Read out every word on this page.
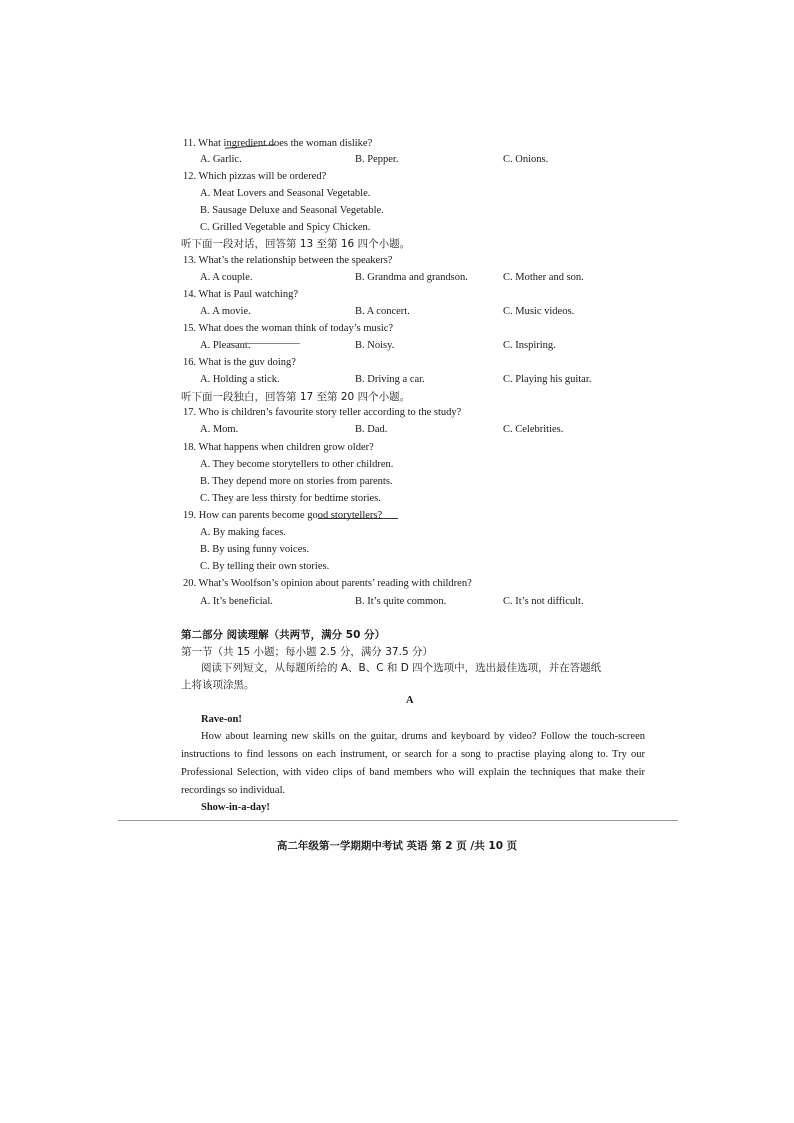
11. What ingredient does the woman dislike?
A. Garlic.	B. Pepper.	C. Onions.
12. Which pizzas will be ordered?
A. Meat Lovers and Seasonal Vegetable.
B. Sausage Deluxe and Seasonal Vegetable.
C. Grilled Vegetable and Spicy Chicken.
听下面一段对话，回答第 13 至第 16 四个小题。
13. What’s the relationship between the speakers?
A. A couple.	B. Grandma and grandson.	C. Mother and son.
14. What is Paul watching?
A. A movie.	B. A concert.	C. Music videos.
15. What does the woman think of today’s music?
A. Pleasant.	B. Noisy.	C. Inspiring.
16. What is the guv doing?
A. Holding a stick.	B. Driving a car.	C. Playing his guitar.
听下面一段独白，回答第 17 至第 20 四个小题。
17. Who is children’s favourite story teller according to the study?
A. Mom.	B. Dad.	C. Celebrities.
18. What happens when children grow older?
A. They become storytellers to other children.
B. They depend more on stories from parents.
C. They are less thirsty for bedtime stories.
19. How can parents become good storytellers?
A. By making faces.
B. By using funny voices.
C. By telling their own stories.
20. What’s Woolfson’s opinion about parents’ reading with children?
A. It’s beneficial.	B. It’s quite common.	C. It’s not difficult.
第二部分 阅读理解（共两节，满分 50 分）
第一节（共 15 小题；每小题 2.5 分，满分 37.5 分）
阅读下列短文，从每题所给的 A、B、C 和 D 四个选项中，选出最佳选项，并在答题纸
上将该项涂黑。
A
Rave-on!
How about learning new skills on the guitar, drums and keyboard by video? Follow the touch-screen instructions to find lessons on each instrument, or search for a song to practise playing along to. Try our Professional Selection, with video clips of band members who will explain the techniques that make their recordings so individual.
Show-in-a-day!
高二年级第一学期期中考试 英语 第 2 页 /共 10 页
